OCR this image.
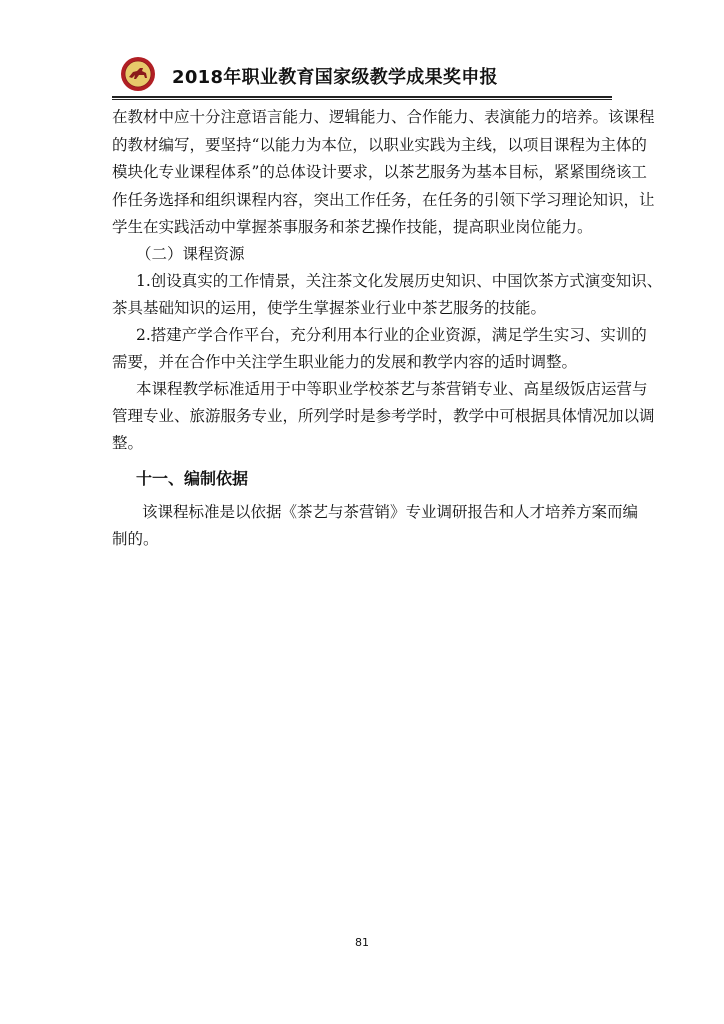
2018年职业教育国家级教学成果奖申报
在教材中应十分注意语言能力、逻辑能力、合作能力、表演能力的培养。该课程
的教材编写，要坚持“以能力为本位，以职业实践为主线，以项目课程为主体的
模块化专业课程体系”的总体设计要求，以茶艺服务为基本目标，紧紧围绕该工
作任务选择和组织课程内容，突出工作任务，在任务的引领下学习理论知识，让
学生在实践活动中掌握茶事服务和茶艺操作技能，提高职业岗位能力。
（二）课程资源
1.创设真实的工作情景，关注茶文化发展历史知识、中国饮茶方式演变知识、
茶具基础知识的运用，使学生掌握茶业行业中茶艺服务的技能。
2.搭建产学合作平台，充分利用本行业的企业资源，满足学生实习、实训的
需要，并在合作中关注学生职业能力的发展和教学内容的适时调整。
本课程教学标准适用于中等职业学校茶艺与茶营销专业、高星级饭店运营与
管理专业、旅游服务专业，所列学时是参考学时，教学中可根据具体情况加以调
整。
十一、编制依据
该课程标准是以依据《茶艺与茶营销》专业调研报告和人才培养方案而编
制的。
81
